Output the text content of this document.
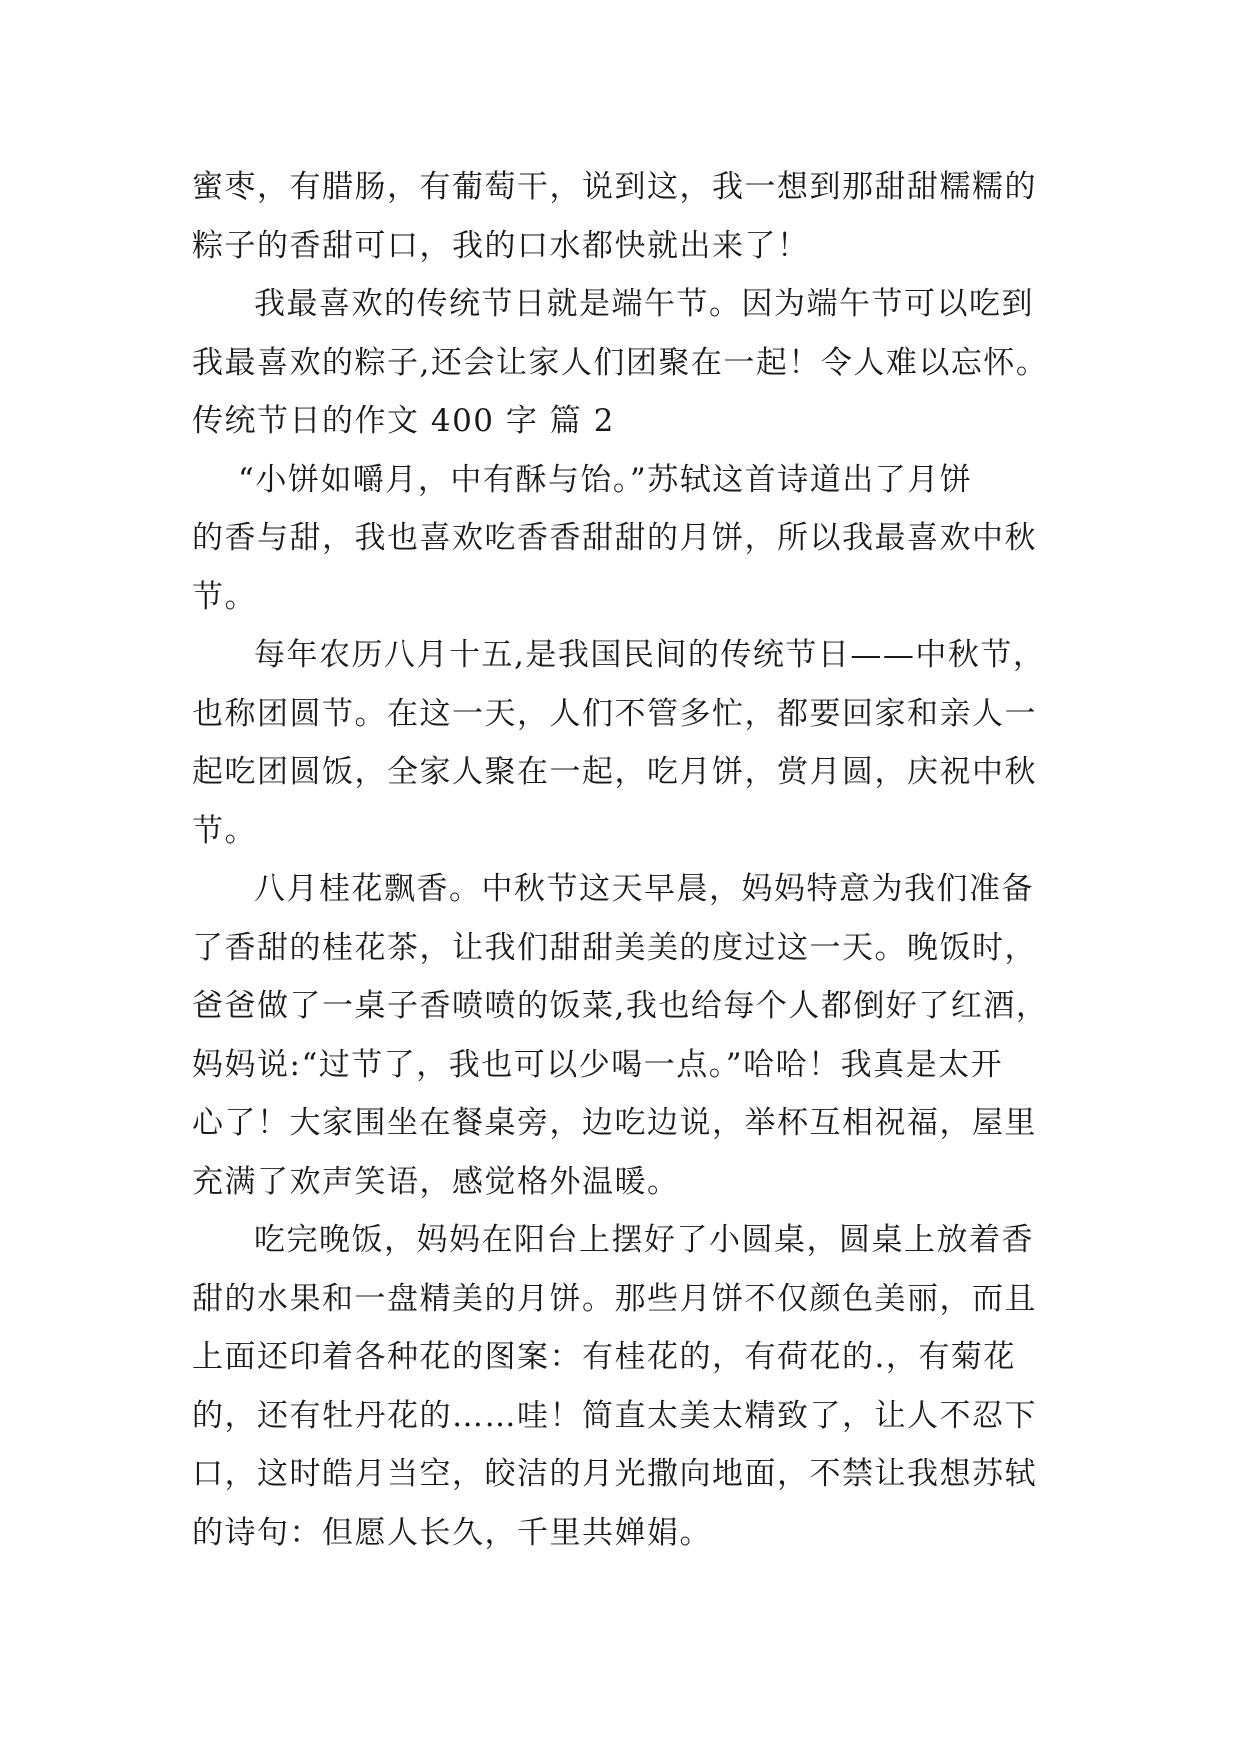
蜜枣，有腊肠，有葡萄干，说到这，我一想到那甜甜糯糯的
粽子的香甜可口，我的口水都快就出来了！

我最喜欢的传统节日就是端午节。因为端午节可以吃到
我最喜欢的粽子,还会让家人们团聚在一起！令人难以忘怀。

传统节日的作文 400 字 篇 2

“小饼如嚼月，中有酥与饴。”苏轼这首诗道出了月饼
的香与甜，我也喜欢吃香香甜甜的月饼，所以我最喜欢中秋
节。

每年农历八月十五,是我国民间的传统节日——中秋节，
也称团圆节。在这一天，人们不管多忙，都要回家和亲人一
起吃团圆饭，全家人聚在一起，吃月饼，赏月圆，庆祝中秋
节。

八月桂花飘香。中秋节这天早晨，妈妈特意为我们准备
了香甜的桂花茶，让我们甜甜美美的度过这一天。晚饭时，
爸爸做了一桌子香喷喷的饭菜,我也给每个人都倒好了红酒，
妈妈说:“过节了，我也可以少喝一点。”哈哈！我真是太开
心了！大家围坐在餐桌旁，边吃边说，举杯互相祝福，屋里
充满了欢声笑语，感觉格外温暖。

吃完晚饭，妈妈在阳台上摆好了小圆桌，圆桌上放着香
甜的水果和一盘精美的月饼。那些月饼不仅颜色美丽，而且
上面还印着各种花的图案：有桂花的，有荷花的.，有菊花
的，还有牡丹花的……哇！简直太美太精致了，让人不忍下
口，这时皓月当空，皎洁的月光撒向地面，不禁让我想苏轼
的诗句：但愿人长久，千里共婵娟。
